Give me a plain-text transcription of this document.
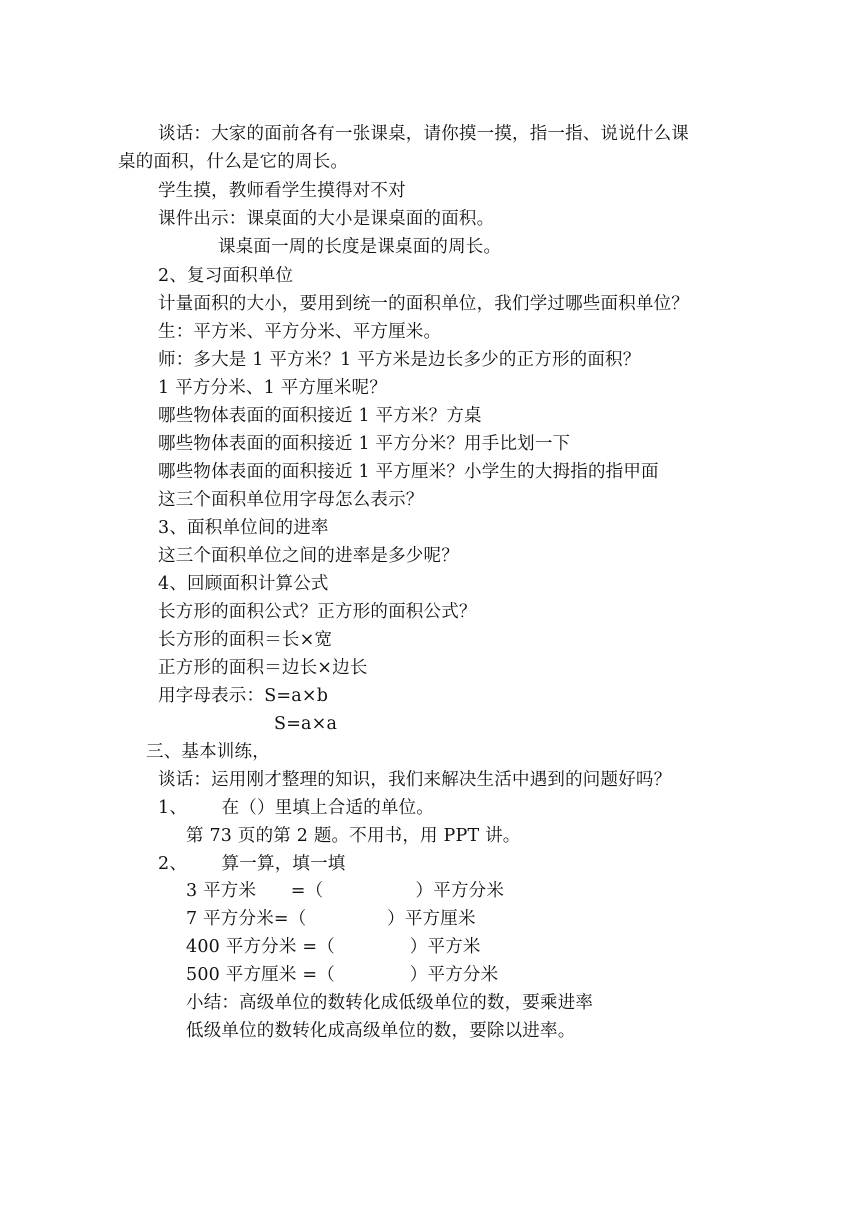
谈话：大家的面前各有一张课桌，请你摸一摸，指一指、说说什么课
桌的面积，什么是它的周长。
学生摸，教师看学生摸得对不对
课件出示：课桌面的大小是课桌面的面积。
课桌面一周的长度是课桌面的周长。
2、复习面积单位
计量面积的大小，要用到统一的面积单位，我们学过哪些面积单位？
生：平方米、平方分米、平方厘米。
师：多大是 1 平方米？1 平方米是边长多少的正方形的面积？
1 平方分米、1 平方厘米呢？
哪些物体表面的面积接近 1 平方米？方桌
哪些物体表面的面积接近 1 平方分米？用手比划一下
哪些物体表面的面积接近 1 平方厘米？小学生的大拇指的指甲面
这三个面积单位用字母怎么表示？
3、面积单位间的进率
这三个面积单位之间的进率是多少呢？
4、回顾面积计算公式
长方形的面积公式？正方形的面积公式？
长方形的面积＝长×宽
正方形的面积＝边长×边长
用字母表示：S=a×b
S=a×a
三、基本训练，
谈话：运用刚才整理的知识，我们来解决生活中遇到的问题好吗？
1、      在（）里填上合适的单位。
第 73 页的第 2 题。不用书，用 PPT 讲。
2、      算一算，填一填
3 平方米      =（                ）平方分米
7 平方分米=（              ）平方厘米
400 平方分米 =（             ）平方米
500 平方厘米 =（             ）平方分米
小结：高级单位的数转化成低级单位的数，要乘进率
低级单位的数转化成高级单位的数，要除以进率。
